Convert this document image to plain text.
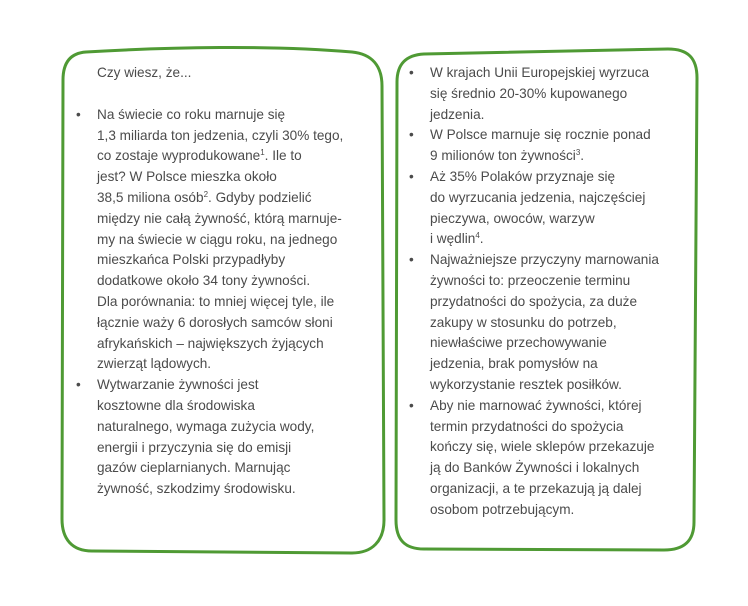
Czy wiesz, że...
• Na świecie co roku marnuje się
1,3 miliarda ton jedzenia, czyli 30% tego,
co zostaje wyprodukowane$^1$. Ile to
jest? W Polsce mieszka około
38,5 miliona osób$^2$. Gdyby podzielić
między nie całą żywność, którą marnuje-
my na świecie w ciągu roku, na jednego
mieszkańca Polski przypadłyby
dodatkowe około 34 tony żywności.
Dla porównania: to mniej więcej tyle, ile
łącznie waży 6 dorosłych samców słoni
afrykańskich – największych żyjących
zwierząt lądowych.
• Wytwarzanie żywności jest
kosztowne dla środowiska
naturalnego, wymaga zużycia wody,
energii i przyczynia się do emisji
gazów cieplarnianych. Marnując
żywność, szkodzimy środowisku.
• W krajach Unii Europejskiej wyrzuca
się średnio 20-30% kupowanego
jedzenia.
• W Polsce marnuje się rocznie ponad
9 milionów ton żywności$^3$.
• Aż 35% Polaków przyznaje się
do wyrzucania jedzenia, najczęściej
pieczywa, owoców, warzyw
i wędlin$^4$.
• Najważniejsze przyczyny marnowania
żywności to: przeoczenie terminu
przydatności do spożycia, za duże
zakupy w stosunku do potrzeb,
niewłaściwe przechowywanie
jedzenia, brak pomysłów na
wykorzystanie resztek posiłków.
• Aby nie marnować żywności, której
termin przydatności do spożycia
kończy się, wiele sklepów przekazuje
ją do Banków Żywności i lokalnych
organizacji, a te przekazują ją dalej
osobom potrzebującym.
